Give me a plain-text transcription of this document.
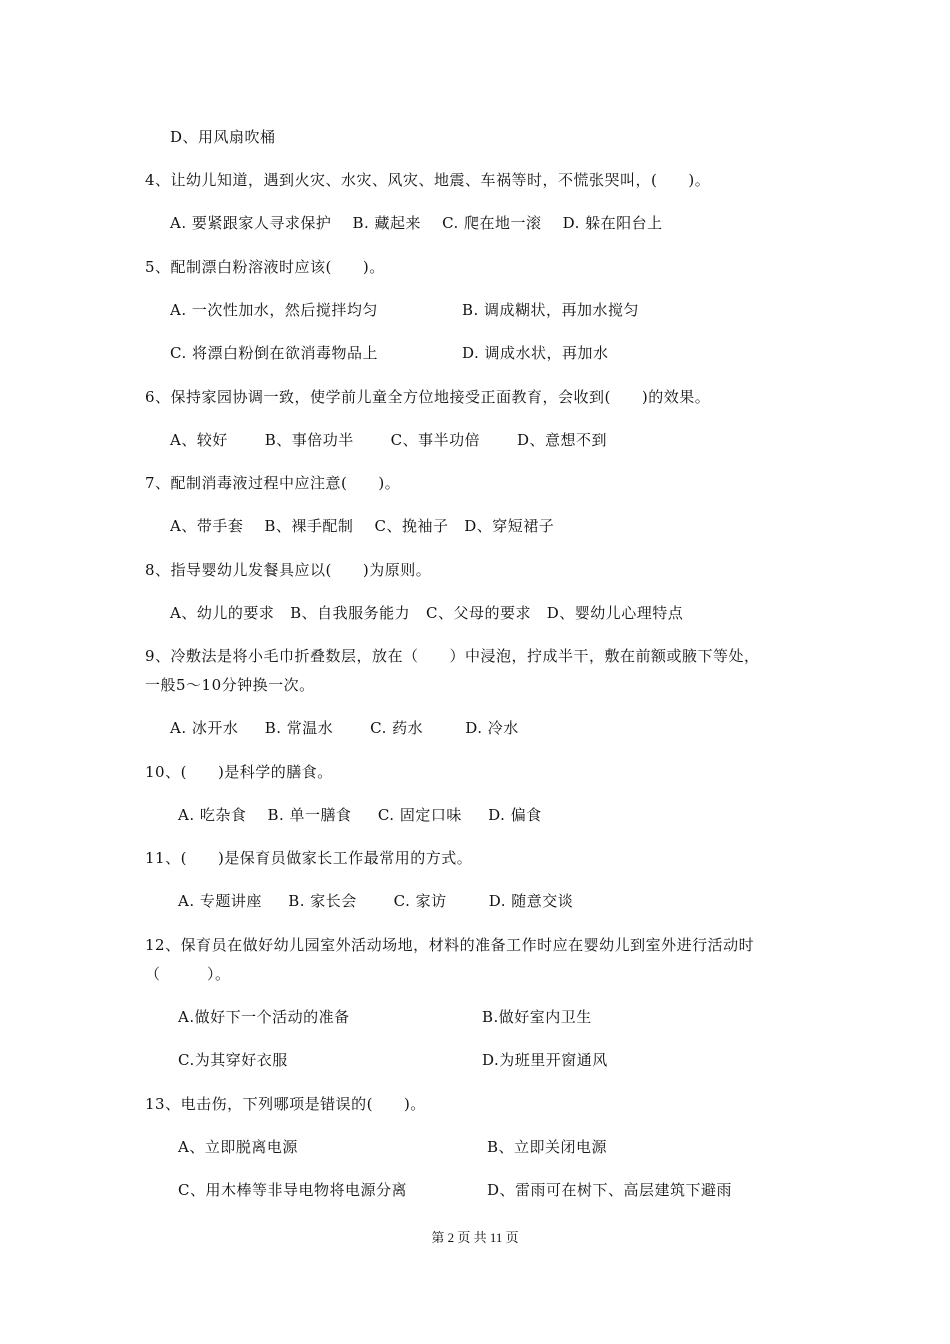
D、用风扇吹桶
4、让幼儿知道，遇到火灾、水灾、风灾、地震、车祸等时，不慌张哭叫，(　　)。
A. 要紧跟家人寻求保护    B. 藏起来    C. 爬在地一滚    D. 躲在阳台上
5、配制漂白粉溶液时应该(　　)。
A. 一次性加水，然后搅拌均匀	B. 调成糊状，再加水搅匀
C. 将漂白粉倒在欲消毒物品上	D. 调成水状，再加水
6、保持家园协调一致，使学前儿童全方位地接受正面教育，会收到(　　)的效果。
A、较好       B、事倍功半       C、事半功倍       D、意想不到
7、配制消毒液过程中应注意(　　)。
A、带手套    B、裸手配制    C、挽袖子   D、穿短裙子
8、指导婴幼儿发餐具应以(　　)为原则。
A、幼儿的要求   B、自我服务能力   C、父母的要求   D、婴幼儿心理特点
9、冷敷法是将小毛巾折叠数层，放在（　　）中浸泡，拧成半干，敷在前额或腋下等处，
一般5～10分钟换一次。
A. 冰开水     B. 常温水       C. 药水        D. 冷水
10、(　　)是科学的膳食。
A. 吃杂食    B. 单一膳食     C. 固定口味     D. 偏食
11、(　　)是保育员做家长工作最常用的方式。
A. 专题讲座     B. 家长会       C. 家访        D. 随意交谈
12、保育员在做好幼儿园室外活动场地，材料的准备工作时应在婴幼儿到室外进行活动时
（　　　）。
A.做好下一个活动的准备	B.做好室内卫生
C.为其穿好衣服	D.为班里开窗通风
13、电击伤，下列哪项是错误的(　　)。
A、立即脱离电源	B、立即关闭电源
C、用木棒等非导电物将电源分离	D、雷雨可在树下、高层建筑下避雨
第 2 页 共 11 页
